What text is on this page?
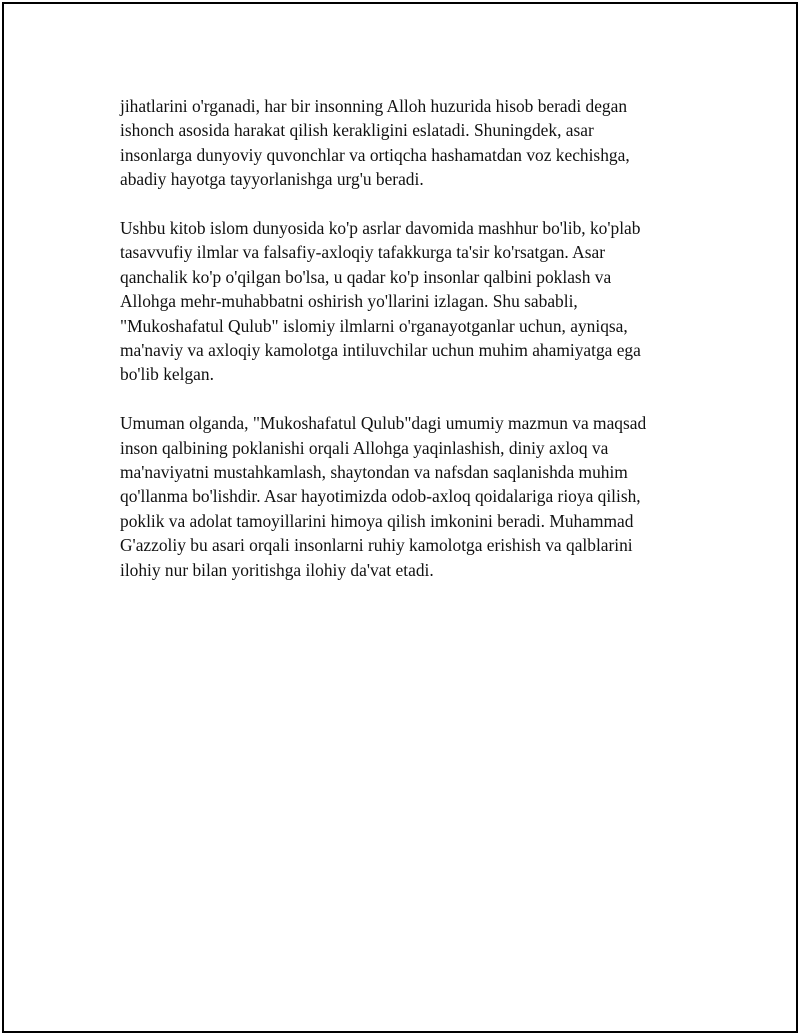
jihatlarini o'rganadi, har bir insonning Alloh huzurida hisob beradi degan
ishonch asosida harakat qilish kerakligini eslatadi. Shuningdek, asar
insonlarga dunyoviy quvonchlar va ortiqcha hashamatdan voz kechishga,
abadiy hayotga tayyorlanishga urg'u beradi.

Ushbu kitob islom dunyosida ko'p asrlar davomida mashhur bo'lib, ko'plab
tasavvufiy ilmlar va falsafiy-axloqiy tafakkurga ta'sir ko'rsatgan. Asar
qanchalik ko'p o'qilgan bo'lsa, u qadar ko'p insonlar qalbini poklash va
Allohga mehr-muhabbatni oshirish yo'llarini izlagan. Shu sababli,
"Mukoshafatul Qulub" islomiy ilmlarni o'rganayotganlar uchun, ayniqsa,
ma'naviy va axloqiy kamolotga intiluvchilar uchun muhim ahamiyatga ega
bo'lib kelgan.

Umuman olganda, "Mukoshafatul Qulub"dagi umumiy mazmun va maqsad
inson qalbining poklanishi orqali Allohga yaqinlashish, diniy axloq va
ma'naviyatni mustahkamlash, shaytondan va nafsdan saqlanishda muhim
qo'llanma bo'lishdir. Asar hayotimizda odob-axloq qoidalariga rioya qilish,
poklik va adolat tamoyillarini himoya qilish imkonini beradi. Muhammad
G'azzoliy bu asari orqali insonlarni ruhiy kamolotga erishish va qalblarini
ilohiy nur bilan yoritishga ilohiy da'vat etadi.
